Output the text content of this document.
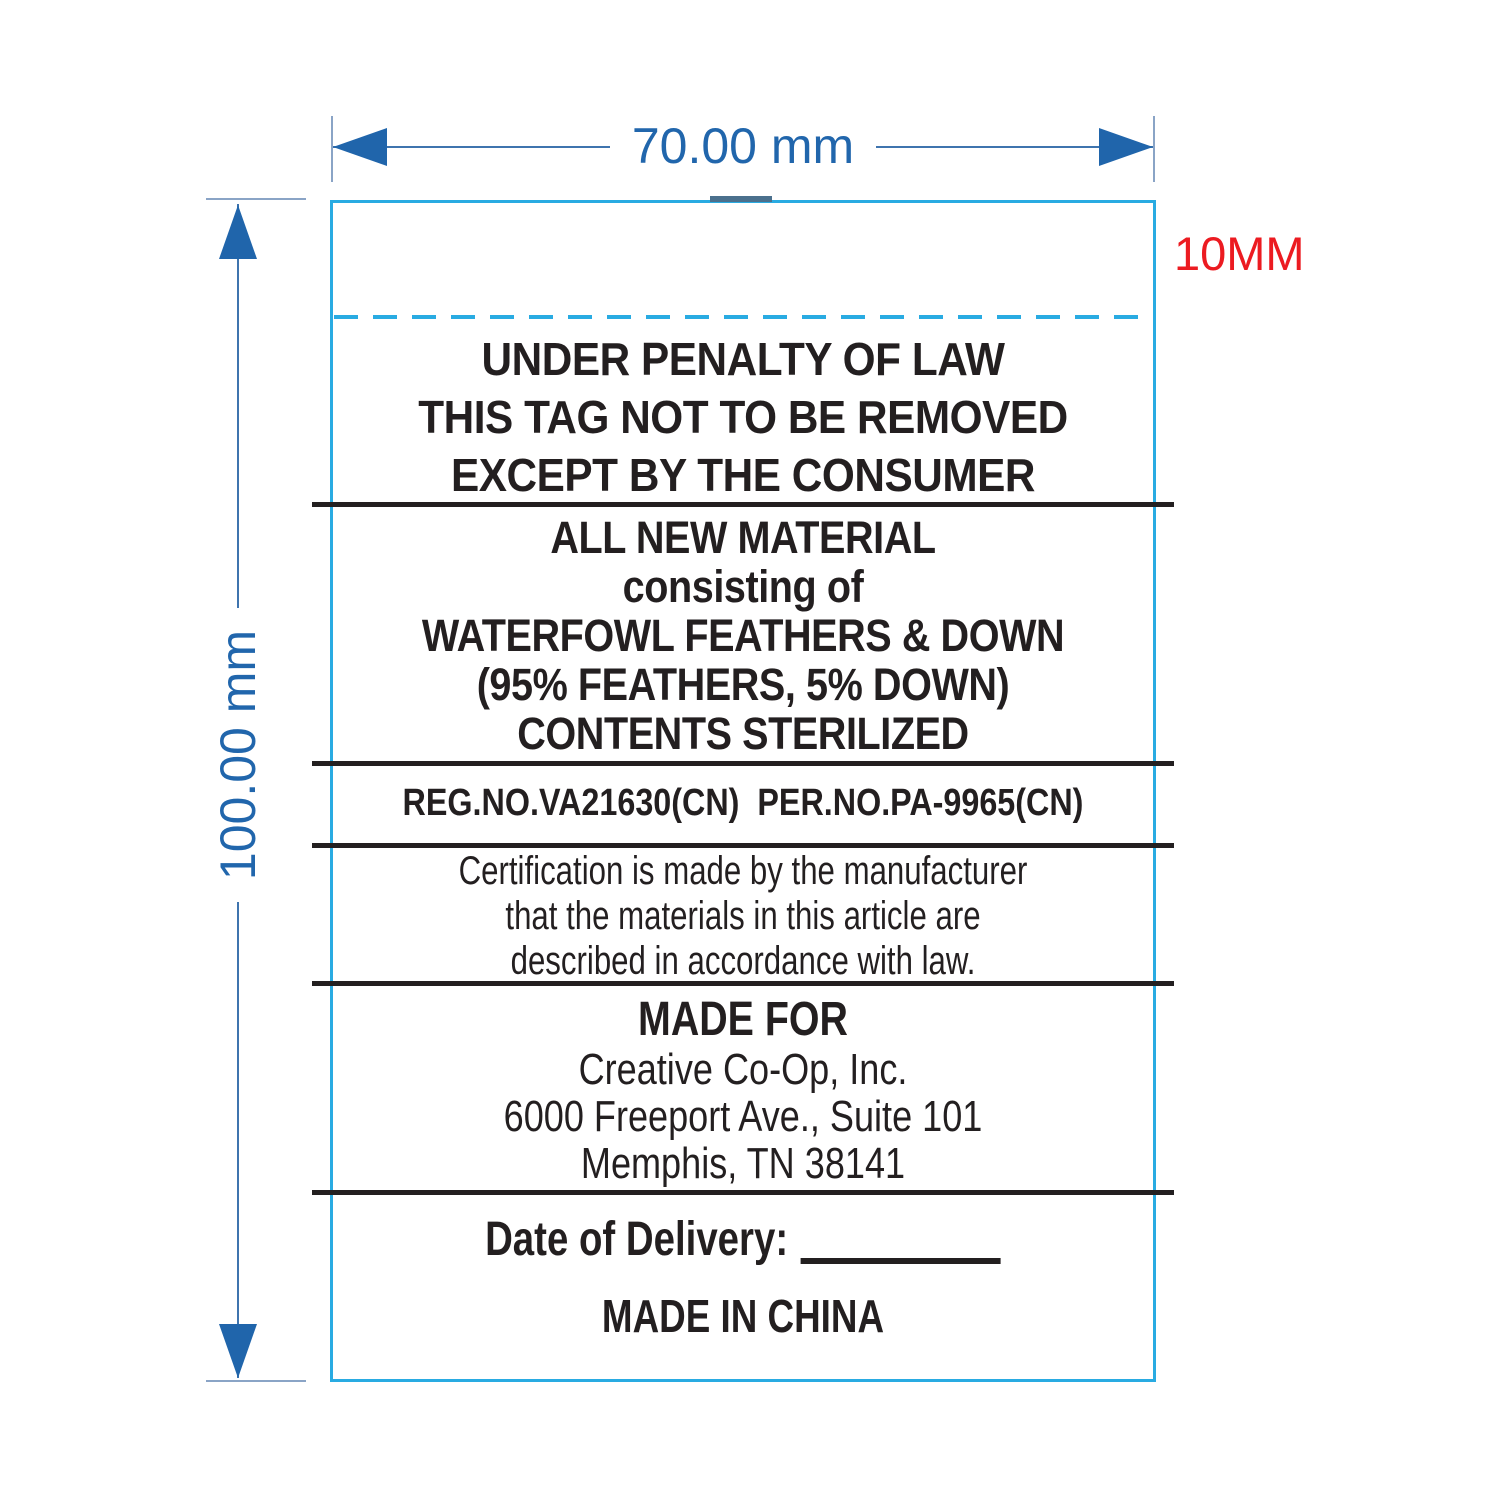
70.00 mm
100.00 mm
10MM
UNDER PENALTY OF LAW
THIS TAG NOT TO BE REMOVED
EXCEPT BY THE CONSUMER
ALL NEW MATERIAL
consisting of
WATERFOWL FEATHERS & DOWN
(95% FEATHERS, 5% DOWN)
CONTENTS STERILIZED
REG.NO.VA21630(CN)  PER.NO.PA-9965(CN)
Certification is made by the manufacturer
that the materials in this article are
described in accordance with law.
MADE FOR
Creative Co-Op, Inc.
6000 Freeport Ave., Suite 101
Memphis, TN 38141
Date of Delivery:
MADE IN CHINA
